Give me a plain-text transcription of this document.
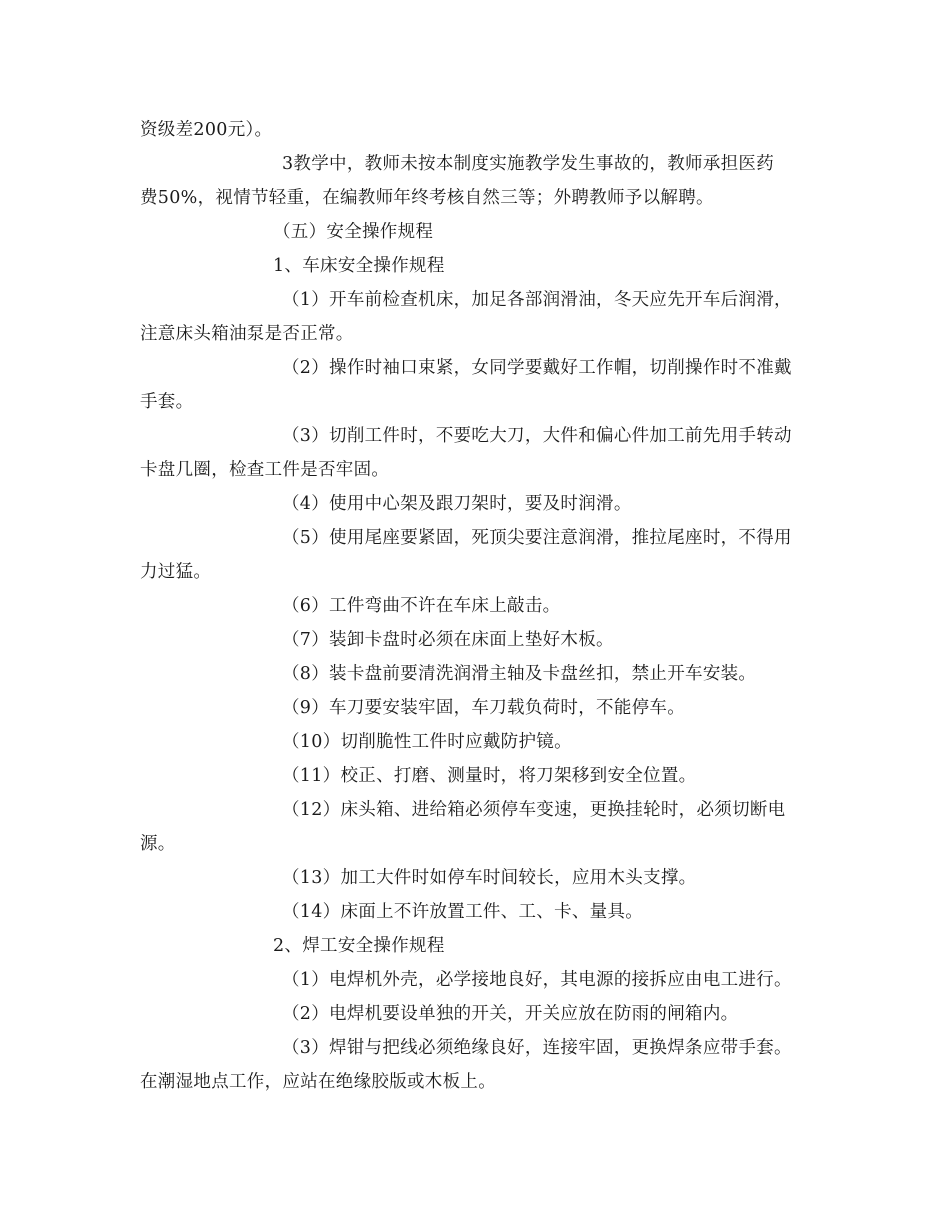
资级差200元）。
3教学中，教师未按本制度实施教学发生事故的，教师承担医药
费50%，视情节轻重，在编教师年终考核自然三等；外聘教师予以解聘。
（五）安全操作规程
1、车床安全操作规程
（1）开车前检查机床，加足各部润滑油，冬天应先开车后润滑，
注意床头箱油泵是否正常。
（2）操作时袖口束紧，女同学要戴好工作帽，切削操作时不准戴
手套。
（3）切削工件时，不要吃大刀，大件和偏心件加工前先用手转动
卡盘几圈，检查工件是否牢固。
（4）使用中心架及跟刀架时，要及时润滑。
（5）使用尾座要紧固，死顶尖要注意润滑，推拉尾座时，不得用
力过猛。
（6）工件弯曲不许在车床上敲击。
（7）装卸卡盘时必须在床面上垫好木板。
（8）装卡盘前要清洗润滑主轴及卡盘丝扣，禁止开车安装。
（9）车刀要安装牢固，车刀载负荷时，不能停车。
（10）切削脆性工件时应戴防护镜。
（11）校正、打磨、测量时，将刀架移到安全位置。
（12）床头箱、进给箱必须停车变速，更换挂轮时，必须切断电
源。
（13）加工大件时如停车时间较长，应用木头支撑。
（14）床面上不许放置工件、工、卡、量具。
2、焊工安全操作规程
（1）电焊机外壳，必学接地良好，其电源的接拆应由电工进行。
（2）电焊机要设单独的开关，开关应放在防雨的闸箱内。
（3）焊钳与把线必须绝缘良好，连接牢固，更换焊条应带手套。
在潮湿地点工作，应站在绝缘胶版或木板上。
